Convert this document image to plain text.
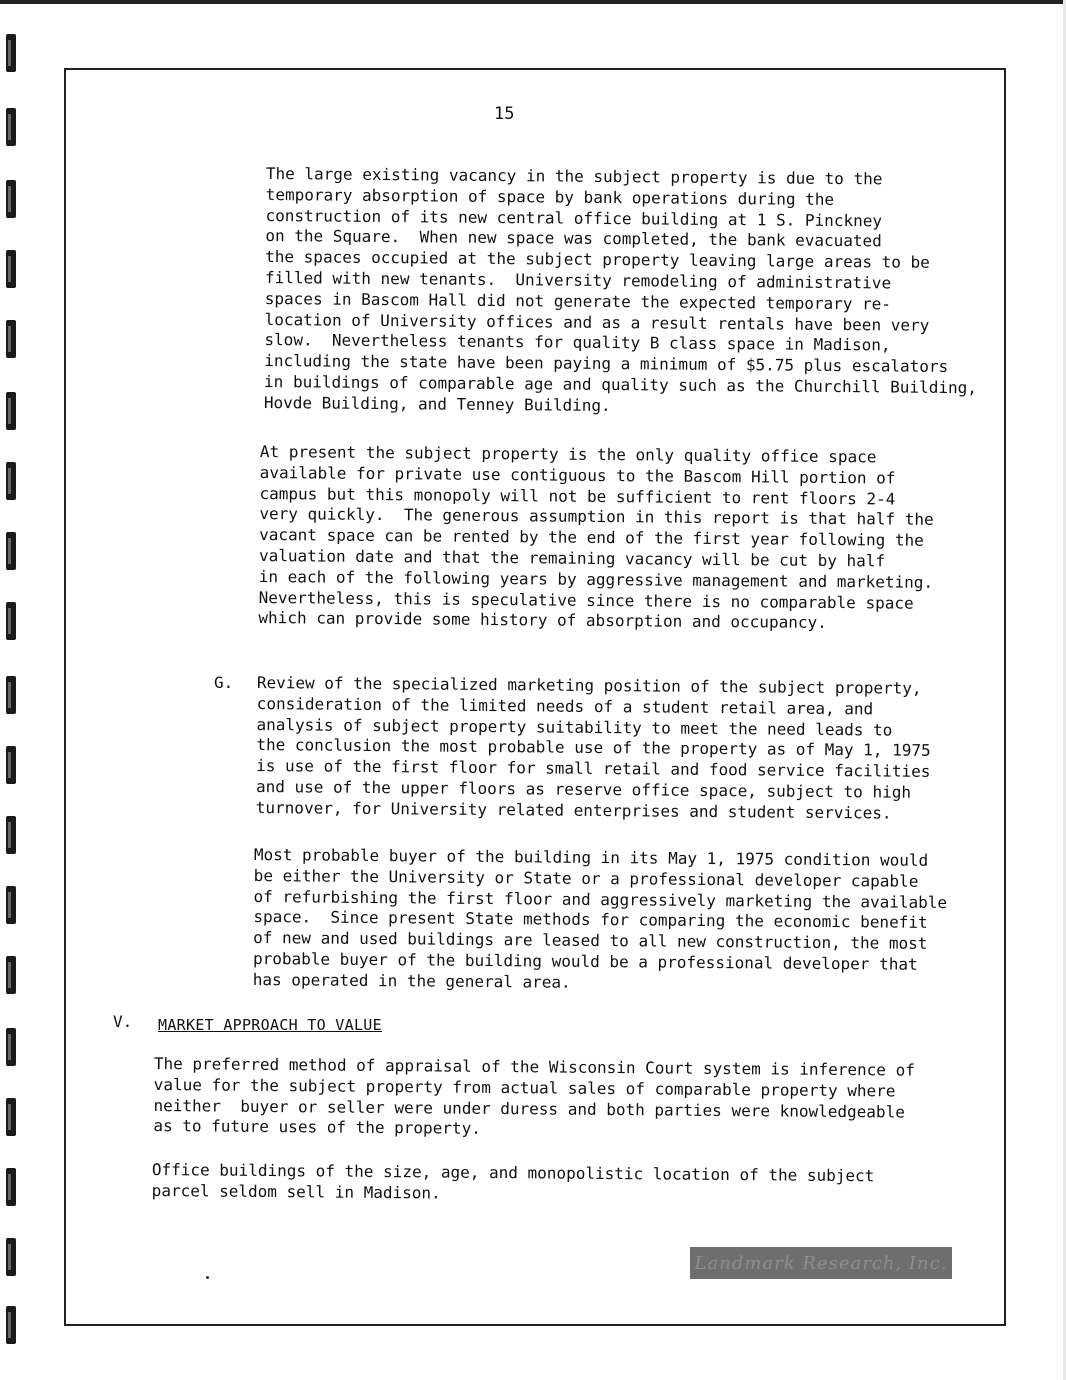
15

The large existing vacancy in the subject property is due to the
temporary absorption of space by bank operations during the
construction of its new central office building at 1 S. Pinckney
on the Square.  When new space was completed, the bank evacuated
the spaces occupied at the subject property leaving large areas to be
filled with new tenants.  University remodeling of administrative
spaces in Bascom Hall did not generate the expected temporary re-
location of University offices and as a result rentals have been very
slow.  Nevertheless tenants for quality B class space in Madison,
including the state have been paying a minimum of $5.75 plus escalators
in buildings of comparable age and quality such as the Churchill Building,
Hovde Building, and Tenney Building.

At present the subject property is the only quality office space
available for private use contiguous to the Bascom Hill portion of
campus but this monopoly will not be sufficient to rent floors 2-4
very quickly.  The generous assumption in this report is that half the
vacant space can be rented by the end of the first year following the
valuation date and that the remaining vacancy will be cut by half
in each of the following years by aggressive management and marketing.
Nevertheless, this is speculative since there is no comparable space
which can provide some history of absorption and occupancy.

G. Review of the specialized marketing position of the subject property,
consideration of the limited needs of a student retail area, and
analysis of subject property suitability to meet the need leads to
the conclusion the most probable use of the property as of May 1, 1975
is use of the first floor for small retail and food service facilities
and use of the upper floors as reserve office space, subject to high
turnover, for University related enterprises and student services.

Most probable buyer of the building in its May 1, 1975 condition would
be either the University or State or a professional developer capable
of refurbishing the first floor and aggressively marketing the available
space.  Since present State methods for comparing the economic benefit
of new and used buildings are leased to all new construction, the most
probable buyer of the building would be a professional developer that
has operated in the general area.

V. MARKET APPROACH TO VALUE

The preferred method of appraisal of the Wisconsin Court system is inference of
value for the subject property from actual sales of comparable property where
neither  buyer or seller were under duress and both parties were knowledgeable
as to future uses of the property.

Office buildings of the size, age, and monopolistic location of the subject
parcel seldom sell in Madison.

Landmark Research, Inc.
